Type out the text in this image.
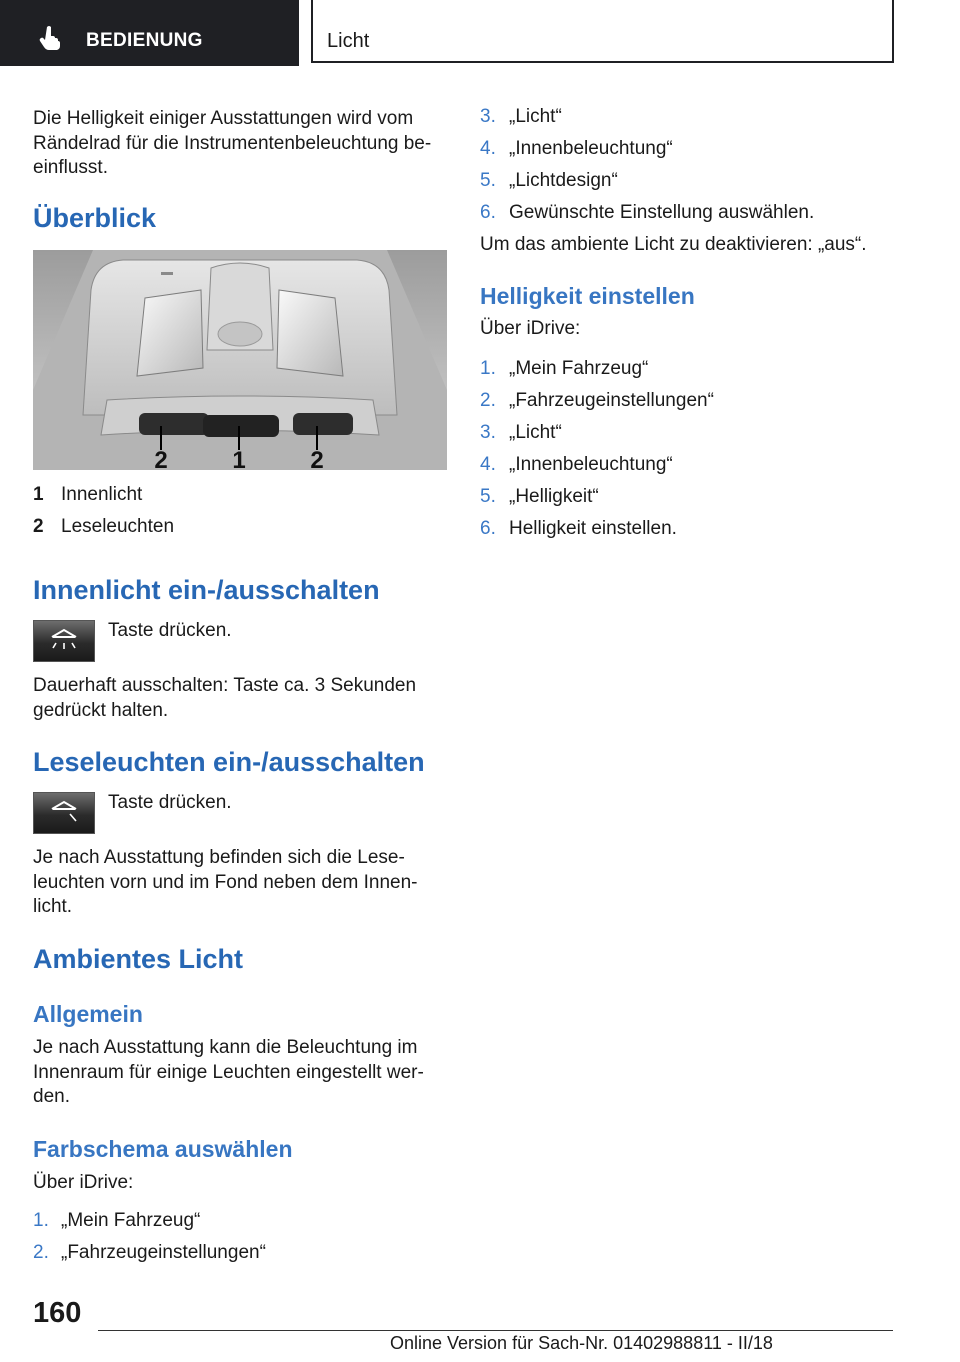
BEDIENUNG	Licht
Die Helligkeit einiger Ausstattungen wird vom
Rändelrad für die Instrumentenbeleuchtung be-
einflusst.
Überblick
2	1	2
1 Innenlicht
2 Leseleuchten
Innenlicht ein-/ausschalten
Taste drücken.
Dauerhaft ausschalten: Taste ca. 3 Sekunden
gedrückt halten.
Leseleuchten ein-/ausschalten
Taste drücken.
Je nach Ausstattung befinden sich die Lese-
leuchten vorn und im Fond neben dem Innen-
licht.
Ambientes Licht
Allgemein
Je nach Ausstattung kann die Beleuchtung im
Innenraum für einige Leuchten eingestellt wer-
den.
Farbschema auswählen
Über iDrive:
1. „Mein Fahrzeug“
2. „Fahrzeugeinstellungen“
3. „Licht“
4. „Innenbeleuchtung“
5. „Lichtdesign“
6. Gewünschte Einstellung auswählen.
Um das ambiente Licht zu deaktivieren: „aus“.
Helligkeit einstellen
Über iDrive:
1. „Mein Fahrzeug“
2. „Fahrzeugeinstellungen“
3. „Licht“
4. „Innenbeleuchtung“
5. „Helligkeit“
6. Helligkeit einstellen.
160
Online Version für Sach-Nr. 01402988811 - II/18
